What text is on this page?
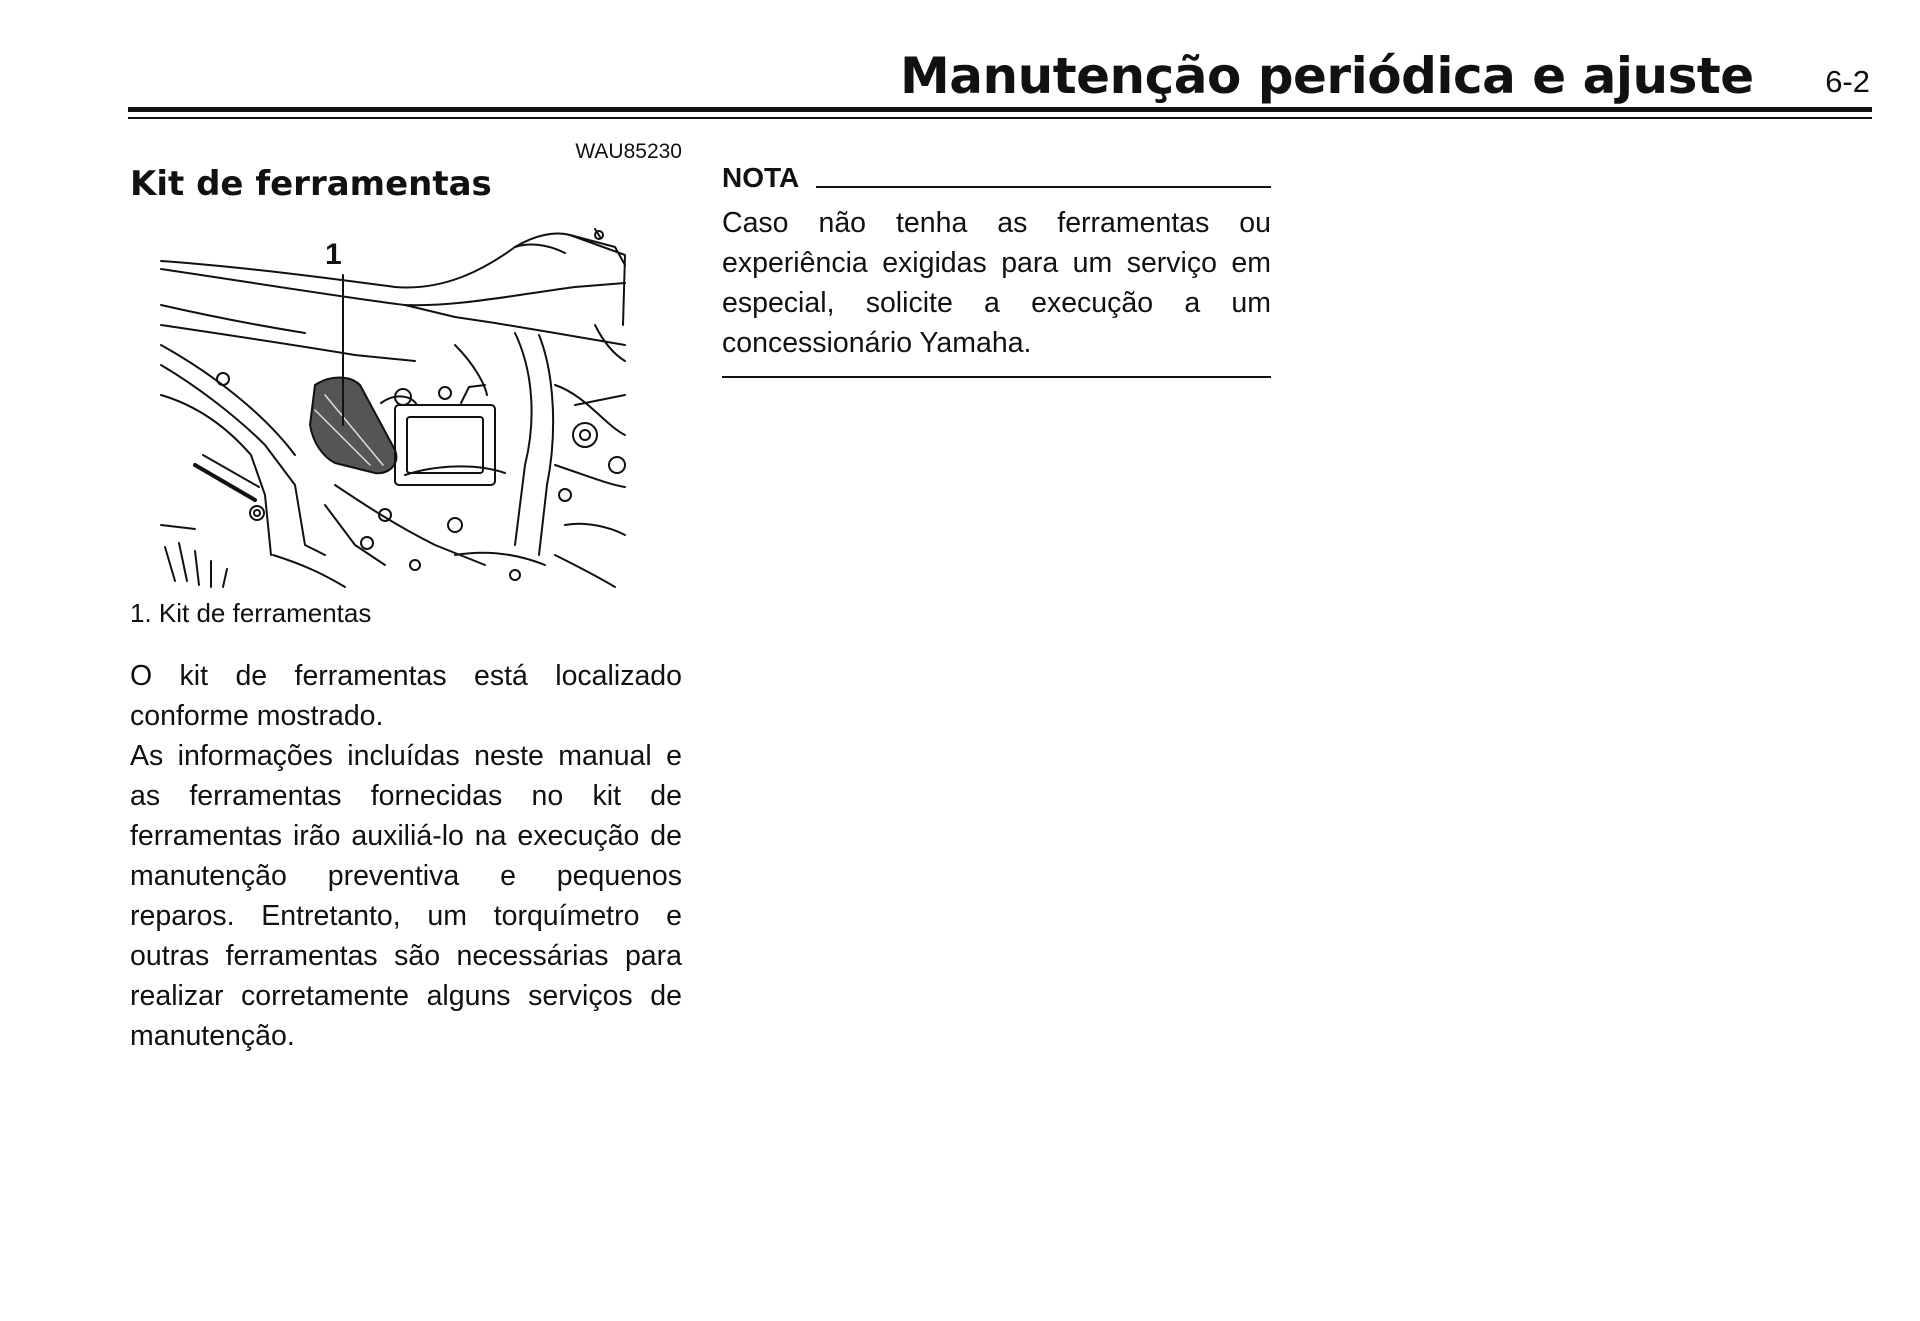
Manutenção periódica e ajuste	6-2
WAU85230
Kit de ferramentas
1
1. Kit de ferramentas

O kit de ferramentas está localizado conforme mostrado.

As informações incluídas neste manual e as ferramentas fornecidas no kit de ferramentas irão auxiliá-lo na execução de manutenção preventiva e pequenos reparos. Entretanto, um torquímetro e outras ferramentas são necessárias para realizar corretamente alguns serviços de manutenção.

NOTA

Caso não tenha as ferramentas ou experiência exigidas para um serviço em especial, solicite a execução a um concessionário Yamaha.
